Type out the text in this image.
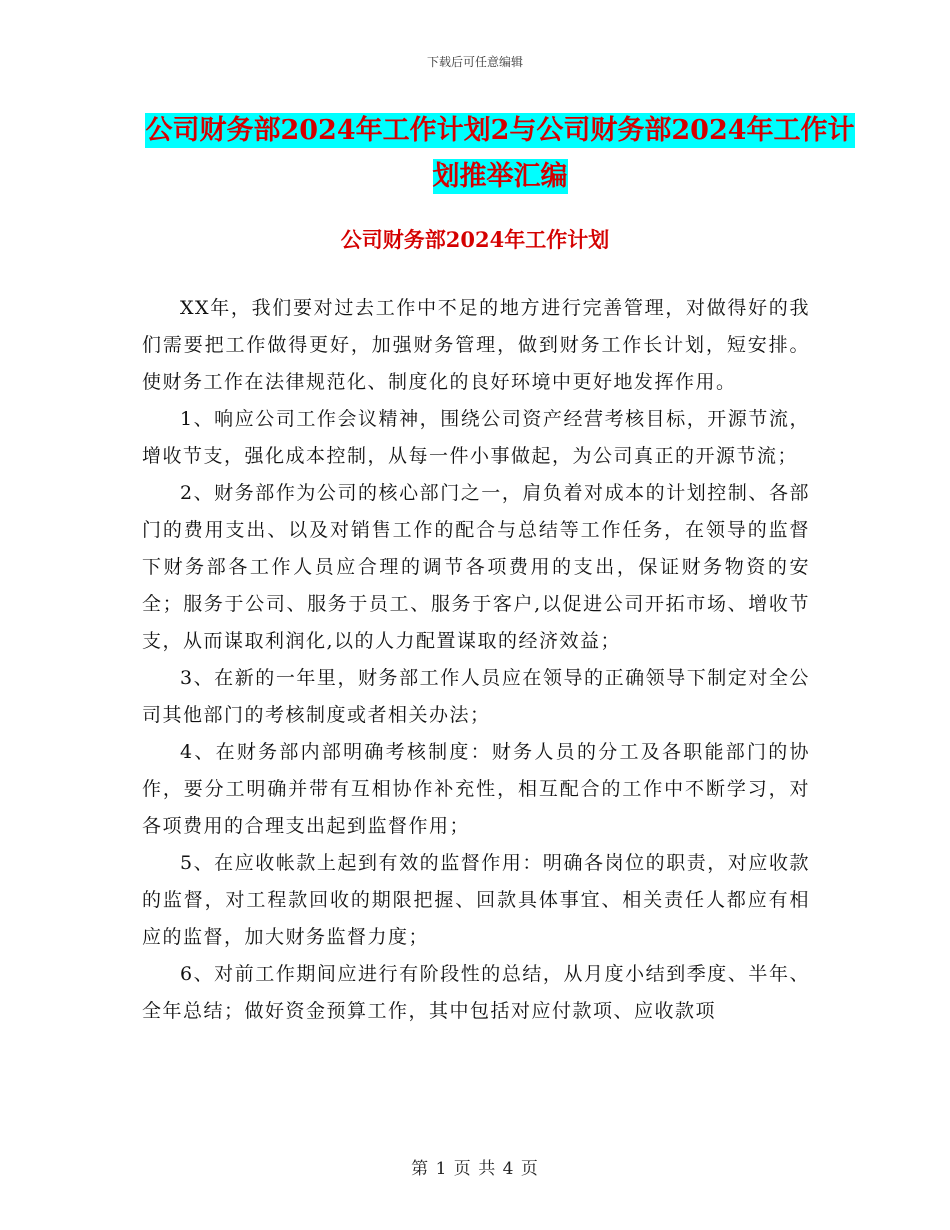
下载后可任意编辑
公司财务部2024年工作计划2与公司财务部2024年工作计划推举汇编
公司财务部2024年工作计划

XX年，我们要对过去工作中不足的地方进行完善管理，对做得好的我们需要把工作做得更好，加强财务管理，做到财务工作长计划，短安排。使财务工作在法律规范化、制度化的良好环境中更好地发挥作用。

1、响应公司工作会议精神，围绕公司资产经营考核目标，开源节流，增收节支，强化成本控制，从每一件小事做起，为公司真正的开源节流；

2、财务部作为公司的核心部门之一，肩负着对成本的计划控制、各部门的费用支出、以及对销售工作的配合与总结等工作任务，在领导的监督下财务部各工作人员应合理的调节各项费用的支出，保证财务物资的安全；服务于公司、服务于员工、服务于客户,以促进公司开拓市场、增收节支，从而谋取利润化,以的人力配置谋取的经济效益；

3、在新的一年里，财务部工作人员应在领导的正确领导下制定对全公司其他部门的考核制度或者相关办法；

4、在财务部内部明确考核制度：财务人员的分工及各职能部门的协作，要分工明确并带有互相协作补充性，相互配合的工作中不断学习，对各项费用的合理支出起到监督作用；

5、在应收帐款上起到有效的监督作用：明确各岗位的职责，对应收款的监督，对工程款回收的期限把握、回款具体事宜、相关责任人都应有相应的监督，加大财务监督力度；

6、对前工作期间应进行有阶段性的总结，从月度小结到季度、半年、全年总结；做好资金预算工作，其中包括对应付款项、应收款项

第 1 页 共 4 页
